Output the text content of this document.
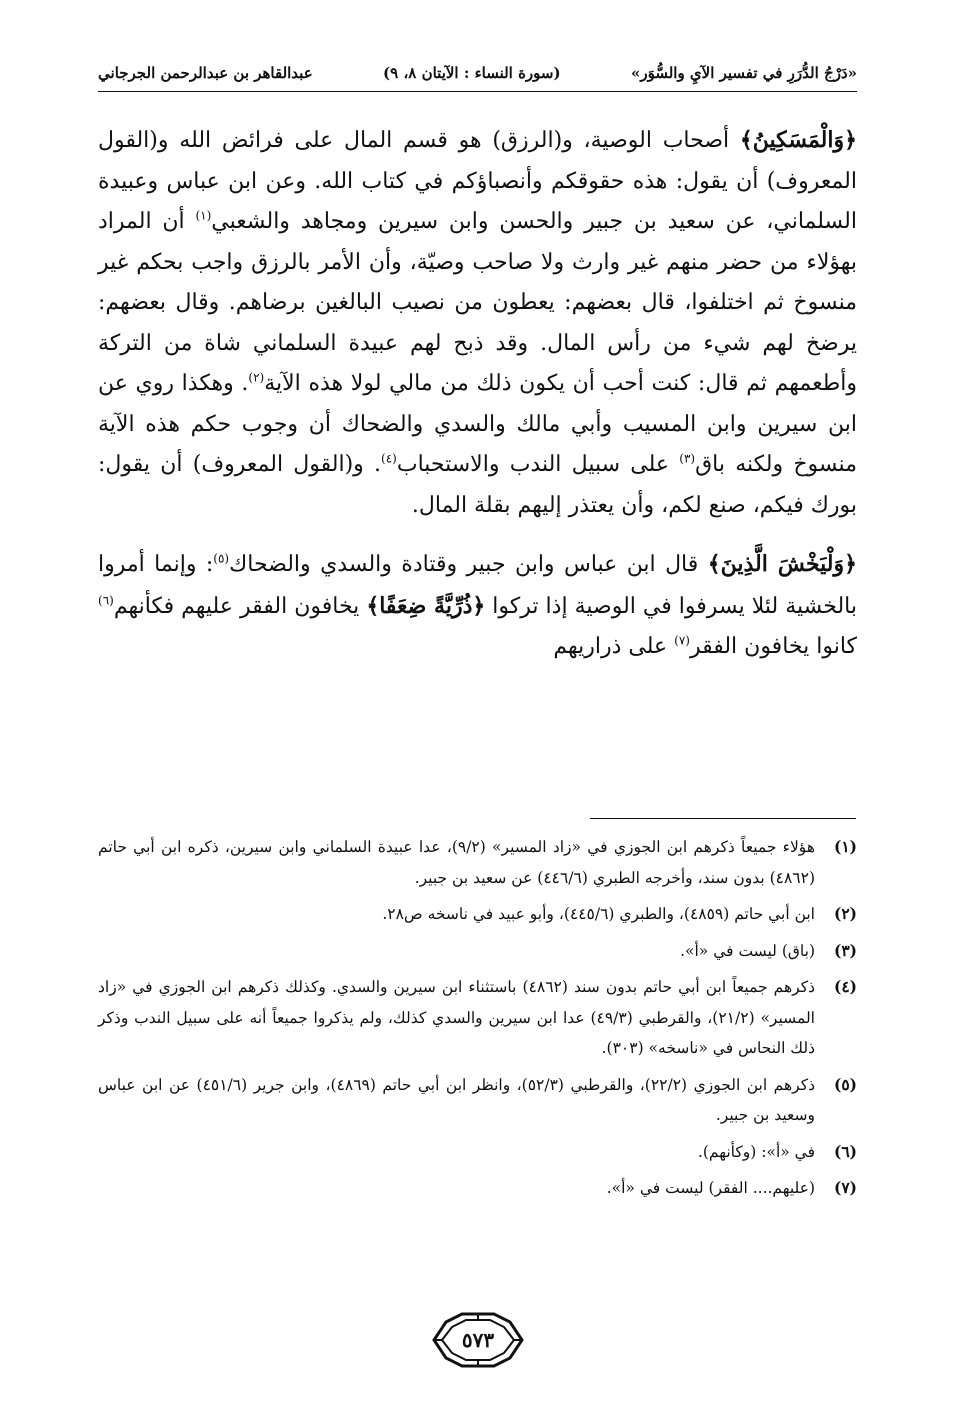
«دَرْجُ الدُّرَرِ في تفسير الآيِ والسُّوَر»
(سورة النساء : الآيتان ٨، ٩)
عبدالقاهر بن عبدالرحمن الجرجاني

﴿وَالْمَسَكِينُ﴾ أصحاب الوصية، و(الرزق) هو قسم المال على فرائض الله و(القول المعروف) أن يقول: هذه حقوقكم وأنصباؤكم في كتاب الله. وعن ابن عباس وعبيدة السلماني، عن سعيد بن جبير والحسن وابن سيرين ومجاهد والشعبي$^{(١)}$ أن المراد بهؤلاء من حضر منهم غير وارث ولا صاحب وصيّة، وأن الأمر بالرزق واجب بحكم غير منسوخ ثم اختلفوا، قال بعضهم: يعطون من نصيب البالغين برضاهم. وقال بعضهم: يرضخ لهم شيء من رأس المال. وقد ذبح لهم عبيدة السلماني شاة من التركة وأطعمهم ثم قال: كنت أحب أن يكون ذلك من مالي لولا هذه الآية$^{(٢)}$. وهكذا روي عن ابن سيرين وابن المسيب وأبي مالك والسدي والضحاك أن وجوب حكم هذه الآية منسوخ ولكنه باق$^{(٣)}$ على سبيل الندب والاستحباب$^{(٤)}$. و(القول المعروف) أن يقول: بورك فيكم، صنع لكم، وأن يعتذر إليهم بقلة المال.

﴿وَلْيَخْشَ الَّذِينَ﴾ قال ابن عباس وابن جبير وقتادة والسدي والضحاك$^{(٥)}$: وإنما أمروا بالخشية لئلا يسرفوا في الوصية إذا تركوا ﴿ذُرِّيَّةً ضِعَفًا﴾ يخافون الفقر عليهم فكأنهم$^{(٦)}$ كانوا يخافون الفقر$^{(٧)}$ على ذراريهم

(١)
هؤلاء جميعاً ذكرهم ابن الجوزي في «زاد المسير» (٩/٢)، عدا عبيدة السلماني وابن سيرين، ذكره ابن أبي حاتم (٤٨٦٢) بدون سند، وأخرجه الطبري (٤٤٦/٦) عن سعيد بن جبير.
(٢)
ابن أبي حاتم (٤٨٥٩)، والطبري (٤٤٥/٦)، وأبو عبيد في ناسخه ص٢٨.
(٣)
(باق) ليست في «أ».
(٤)
ذكرهم جميعاً ابن أبي حاتم بدون سند (٤٨٦٢) باستثناء ابن سيرين والسدي. وكذلك ذكرهم ابن الجوزي في «زاد المسير» (٢١/٢)، والقرطبي (٤٩/٣) عدا ابن سيرين والسدي كذلك، ولم يذكروا جميعاً أنه على سبيل الندب وذكر ذلك النحاس في «ناسخه» (٣٠٣).
(٥)
ذكرهم ابن الجوزي (٢٢/٢)، والقرطبي (٥٢/٣)، وانظر ابن أبي حاتم (٤٨٦٩)، وابن جرير (٤٥١/٦) عن ابن عباس وسعيد بن جبير.
(٦)
في «أ»: (وكأنهم).
(٧)
(عليهم.... الفقر) ليست في «أ».
٥٧٣
